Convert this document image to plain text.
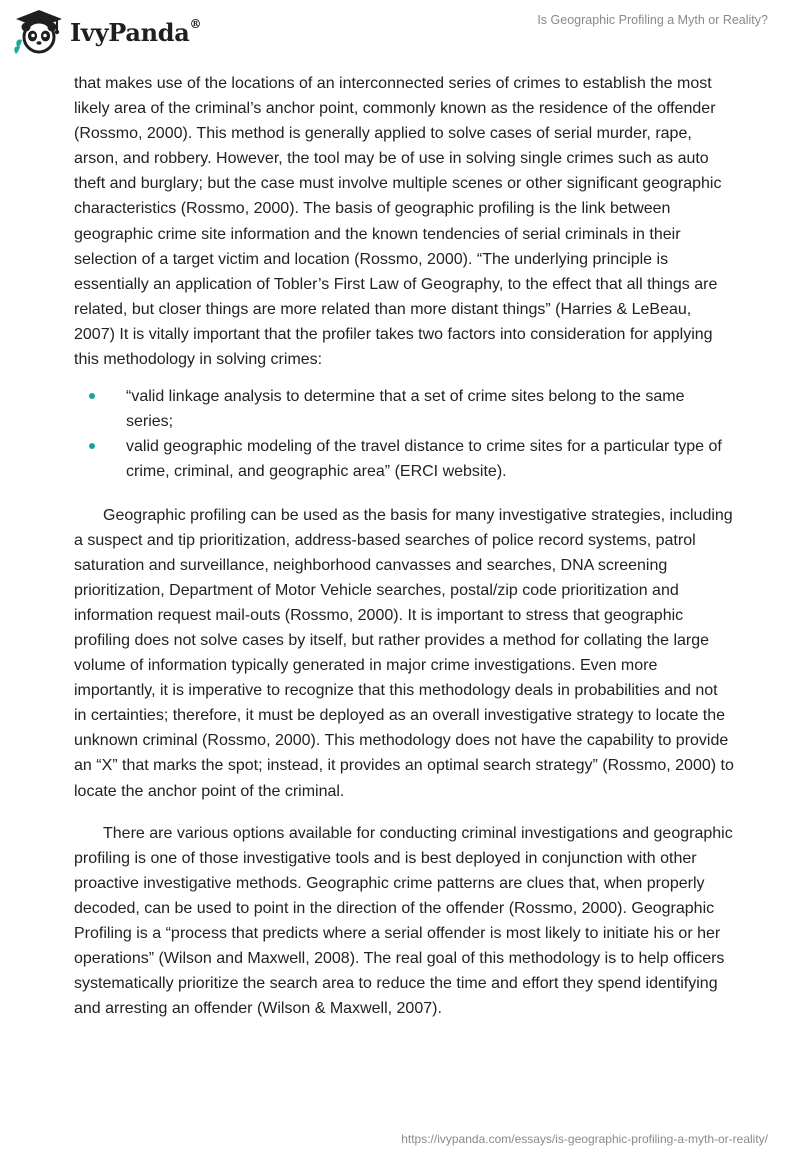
IvyPanda®	Is Geographic Profiling a Myth or Reality?

that makes use of the locations of an interconnected series of crimes to establish the most likely area of the criminal’s anchor point, commonly known as the residence of the offender (Rossmo, 2000). This method is generally applied to solve cases of serial murder, rape, arson, and robbery. However, the tool may be of use in solving single crimes such as auto theft and burglary; but the case must involve multiple scenes or other significant geographic characteristics (Rossmo, 2000). The basis of geographic profiling is the link between geographic crime site information and the known tendencies of serial criminals in their selection of a target victim and location (Rossmo, 2000). “The underlying principle is essentially an application of Tobler’s First Law of Geography, to the effect that all things are related, but closer things are more related than more distant things” (Harries & LeBeau, 2007) It is vitally important that the profiler takes two factors into consideration for applying this methodology in solving crimes:

“valid linkage analysis to determine that a set of crime sites belong to the same series;
valid geographic modeling of the travel distance to crime sites for a particular type of crime, criminal, and geographic area” (ERCI website).

Geographic profiling can be used as the basis for many investigative strategies, including a suspect and tip prioritization, address-based searches of police record systems, patrol saturation and surveillance, neighborhood canvasses and searches, DNA screening prioritization, Department of Motor Vehicle searches, postal/zip code prioritization and information request mail-outs (Rossmo, 2000). It is important to stress that geographic profiling does not solve cases by itself, but rather provides a method for collating the large volume of information typically generated in major crime investigations. Even more importantly, it is imperative to recognize that this methodology deals in probabilities and not in certainties; therefore, it must be deployed as an overall investigative strategy to locate the unknown criminal (Rossmo, 2000). This methodology does not have the capability to provide an “X” that marks the spot; instead, it provides an optimal search strategy” (Rossmo, 2000) to locate the anchor point of the criminal.

There are various options available for conducting criminal investigations and geographic profiling is one of those investigative tools and is best deployed in conjunction with other proactive investigative methods. Geographic crime patterns are clues that, when properly decoded, can be used to point in the direction of the offender (Rossmo, 2000). Geographic Profiling is a “process that predicts where a serial offender is most likely to initiate his or her operations” (Wilson and Maxwell, 2008). The real goal of this methodology is to help officers systematically prioritize the search area to reduce the time and effort they spend identifying and arresting an offender (Wilson & Maxwell, 2007).

https://ivypanda.com/essays/is-geographic-profiling-a-myth-or-reality/
